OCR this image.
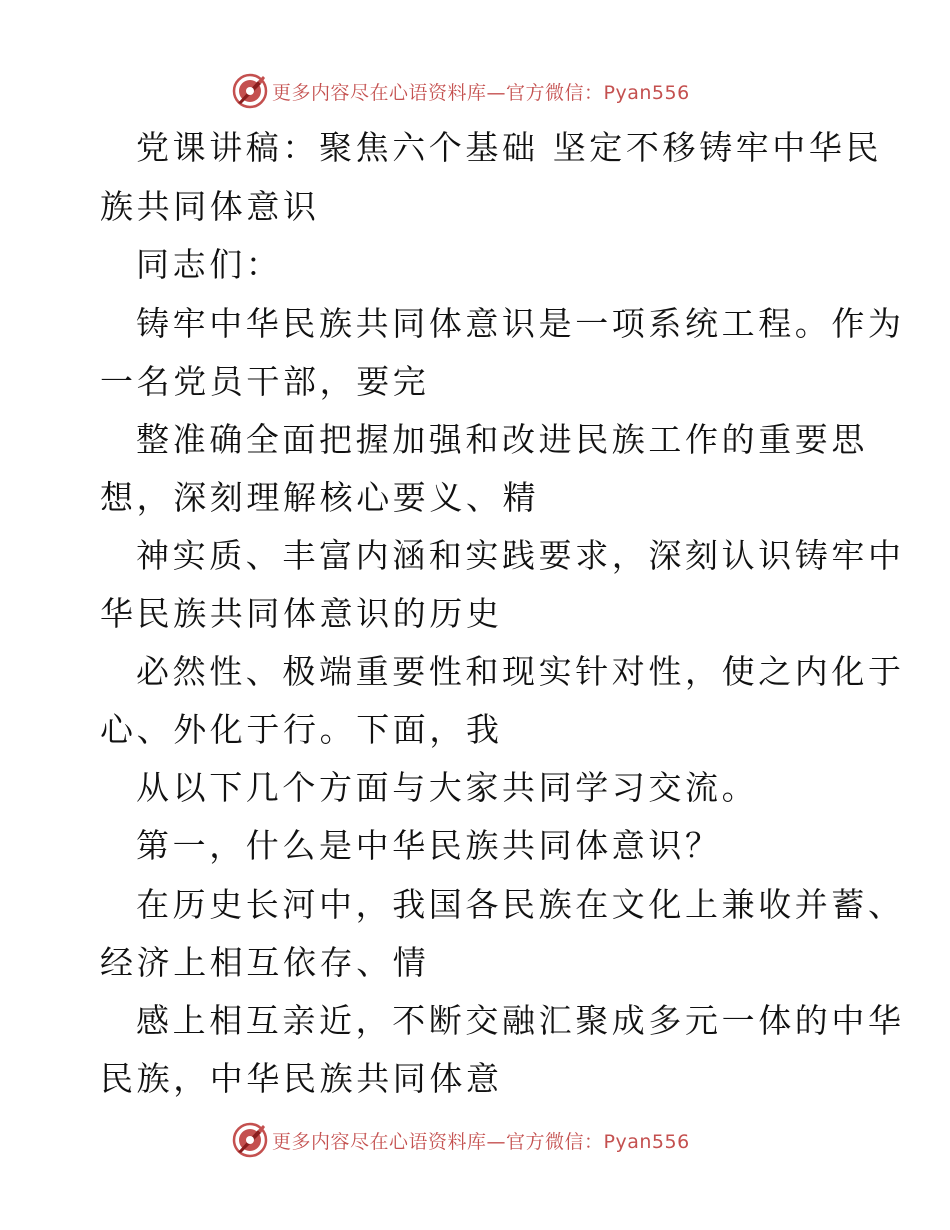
更多内容尽在心语资料库—官方微信：Pyan556
党课讲稿：聚焦六个基础 坚定不移铸牢中华民
族共同体意识
同志们：
铸牢中华民族共同体意识是一项系统工程。作为
一名党员干部，要完
整准确全面把握加强和改进民族工作的重要思
想，深刻理解核心要义、精
神实质、丰富内涵和实践要求，深刻认识铸牢中
华民族共同体意识的历史
必然性、极端重要性和现实针对性，使之内化于
心、外化于行。下面，我
从以下几个方面与大家共同学习交流。
第一，什么是中华民族共同体意识？
在历史长河中，我国各民族在文化上兼收并蓄、
经济上相互依存、情
感上相互亲近，不断交融汇聚成多元一体的中华
民族，中华民族共同体意
更多内容尽在心语资料库—官方微信：Pyan556
